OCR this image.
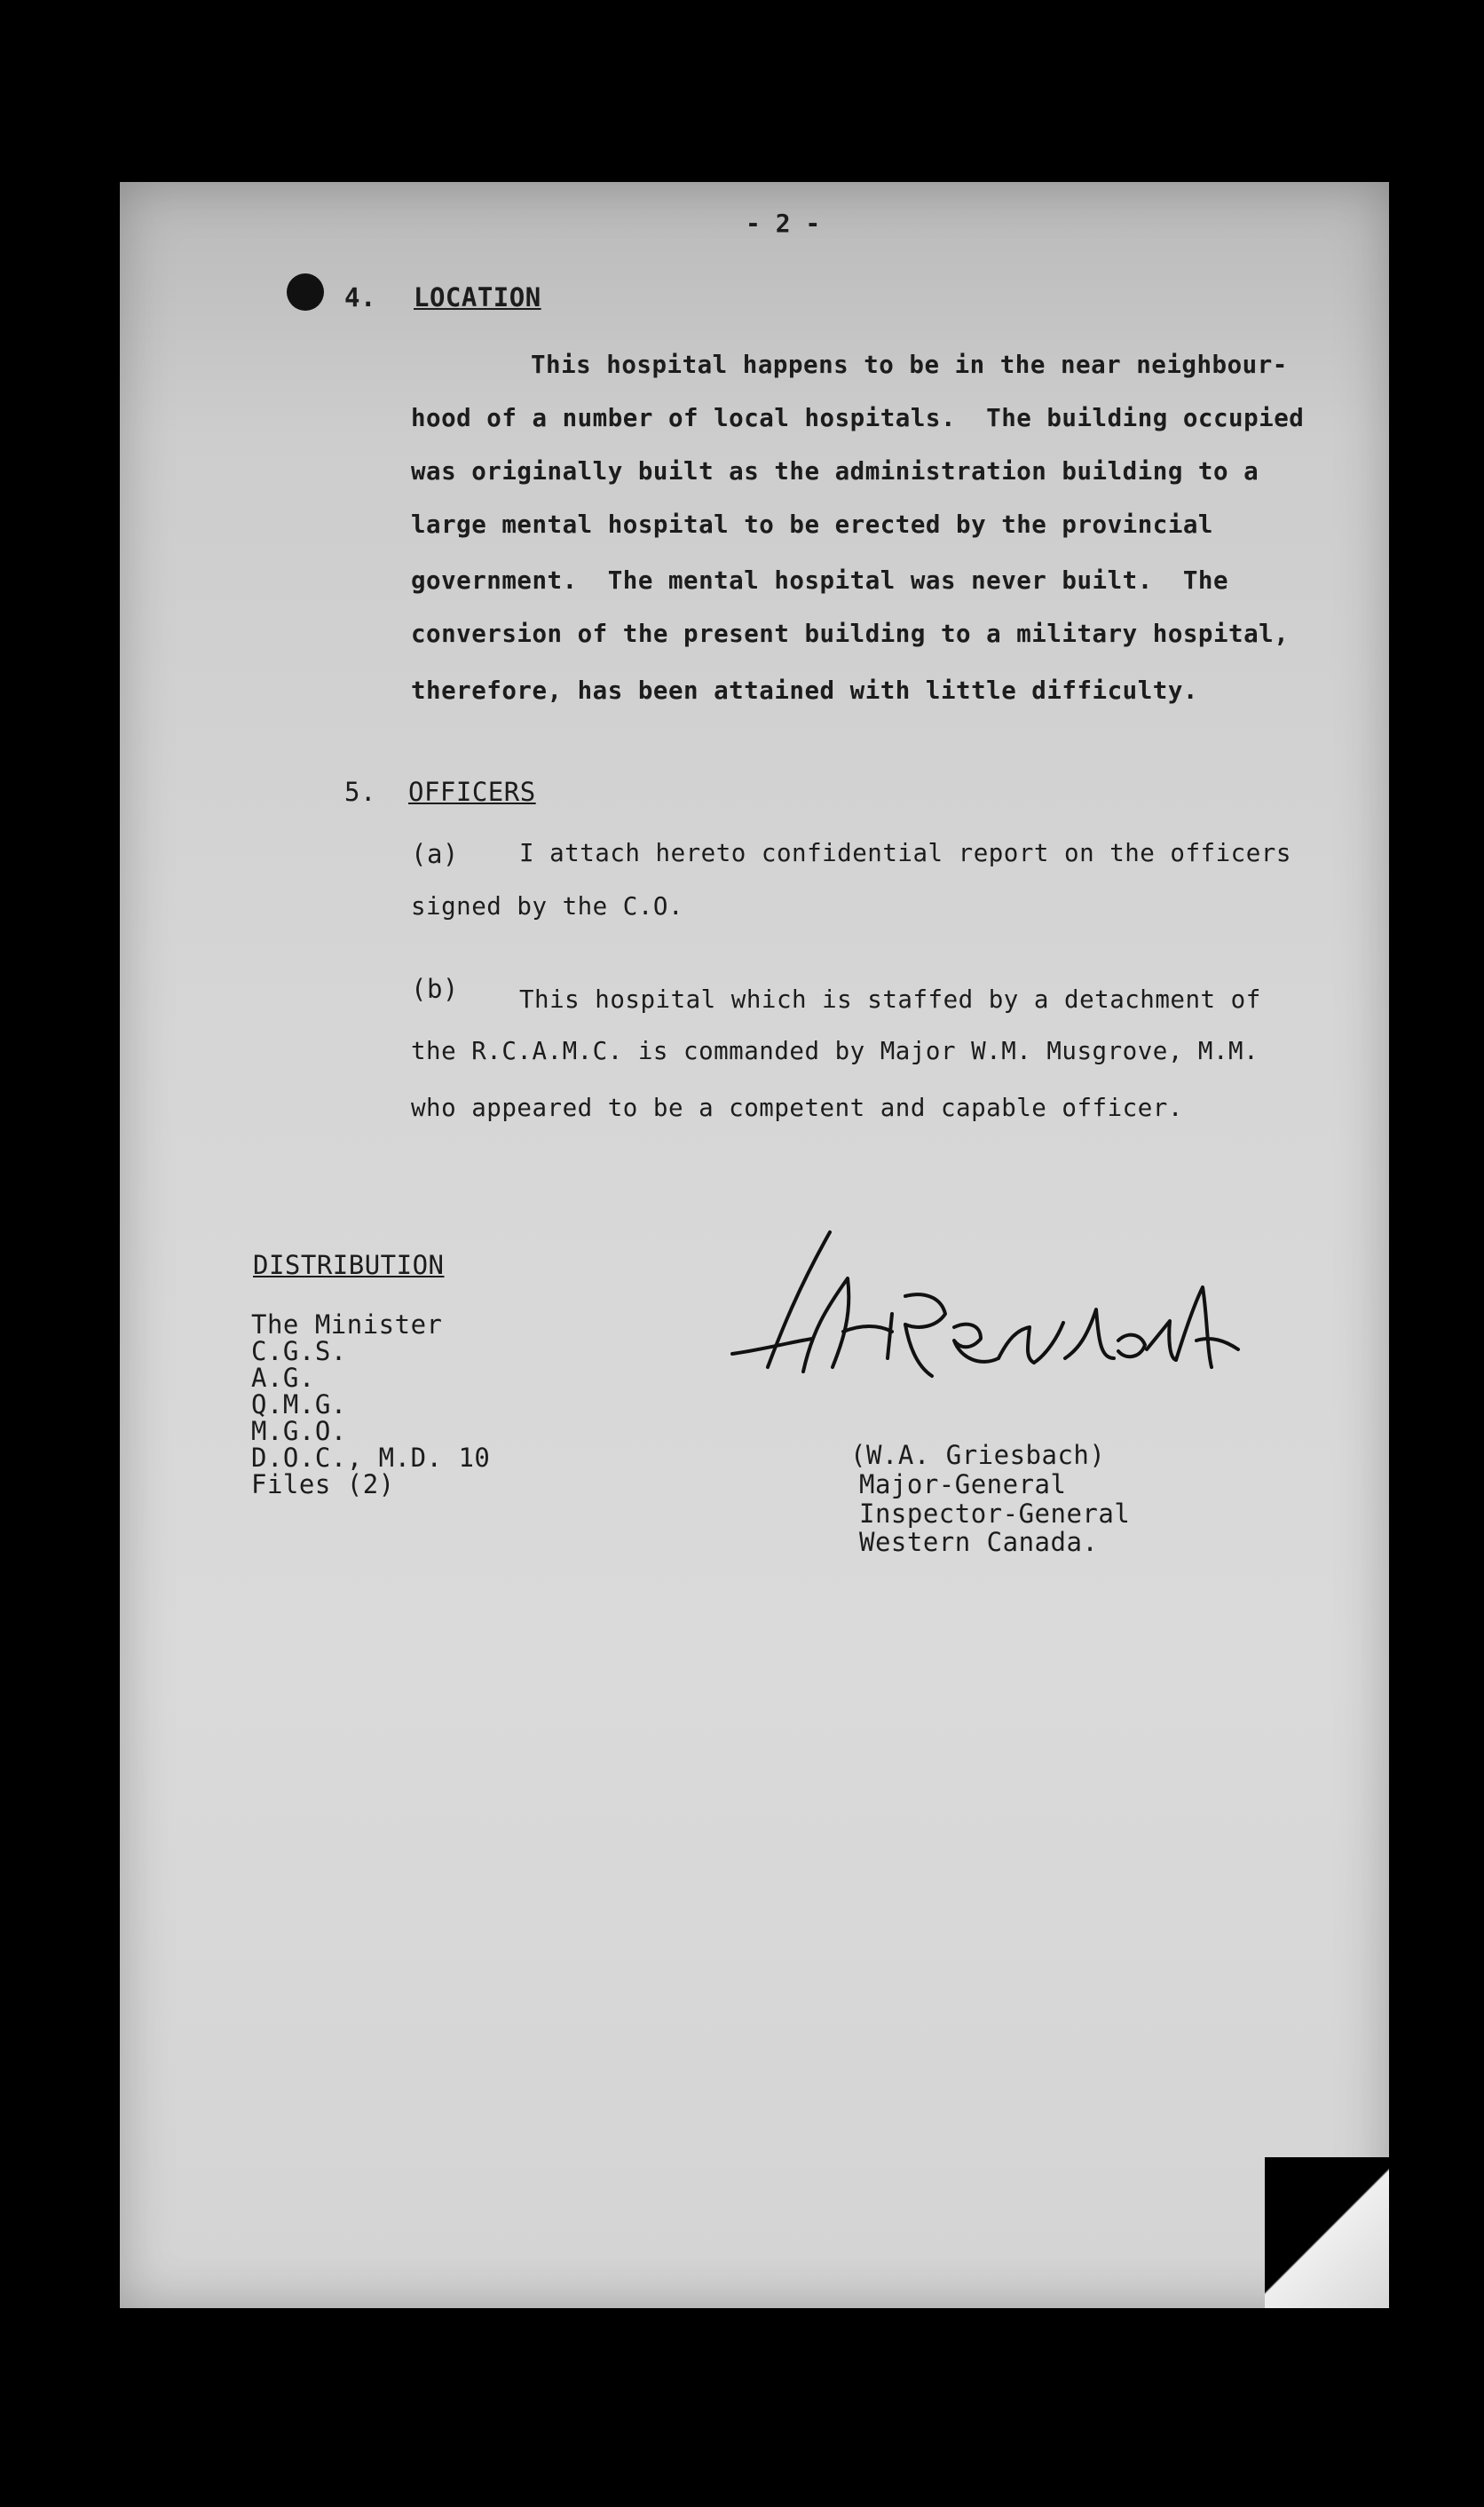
- 2 -
4. LOCATION
This hospital happens to be in the near neighbour-
hood of a number of local hospitals.  The building occupied
was originally built as the administration building to a
large mental hospital to be erected by the provincial
government.  The mental hospital was never built.  The
conversion of the present building to a military hospital,
therefore, has been attained with little difficulty.
5. OFFICERS
(a) I attach hereto confidential report on the officers
signed by the C.O.
(b) This hospital which is staffed by a detachment of
the R.C.A.M.C. is commanded by Major W.M. Musgrove, M.M.
who appeared to be a competent and capable officer.
DISTRIBUTION
The Minister
C.G.S.
A.G.
Q.M.G.
M.G.O.
D.O.C., M.D. 10
Files (2)
(W.A. Griesbach)
Major-General
Inspector-General
Western Canada.
